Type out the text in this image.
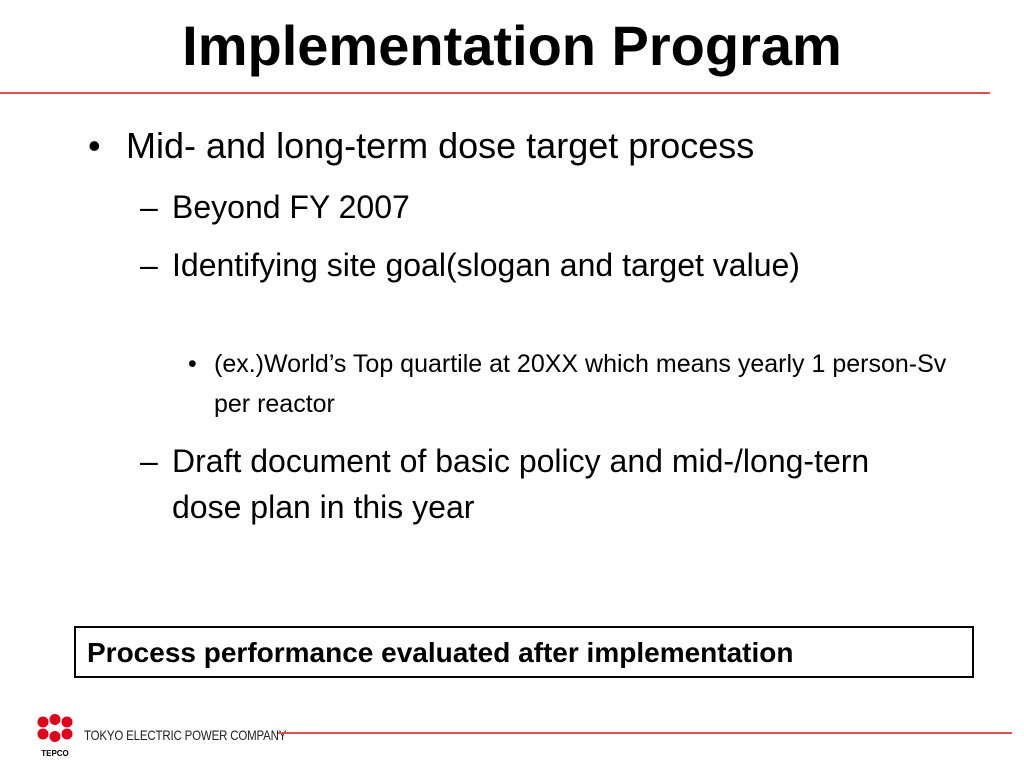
Implementation Program
• Mid- and long-term dose target process
– Beyond FY 2007
– Identifying site goal(slogan and target value)
• (ex.)World’s Top quartile at 20XX which means yearly 1 person-Sv per reactor
– Draft document of basic policy and mid-/long-tern dose plan in this year
Process performance evaluated after implementation
TEPCO
TOKYO ELECTRIC POWER COMPANY
